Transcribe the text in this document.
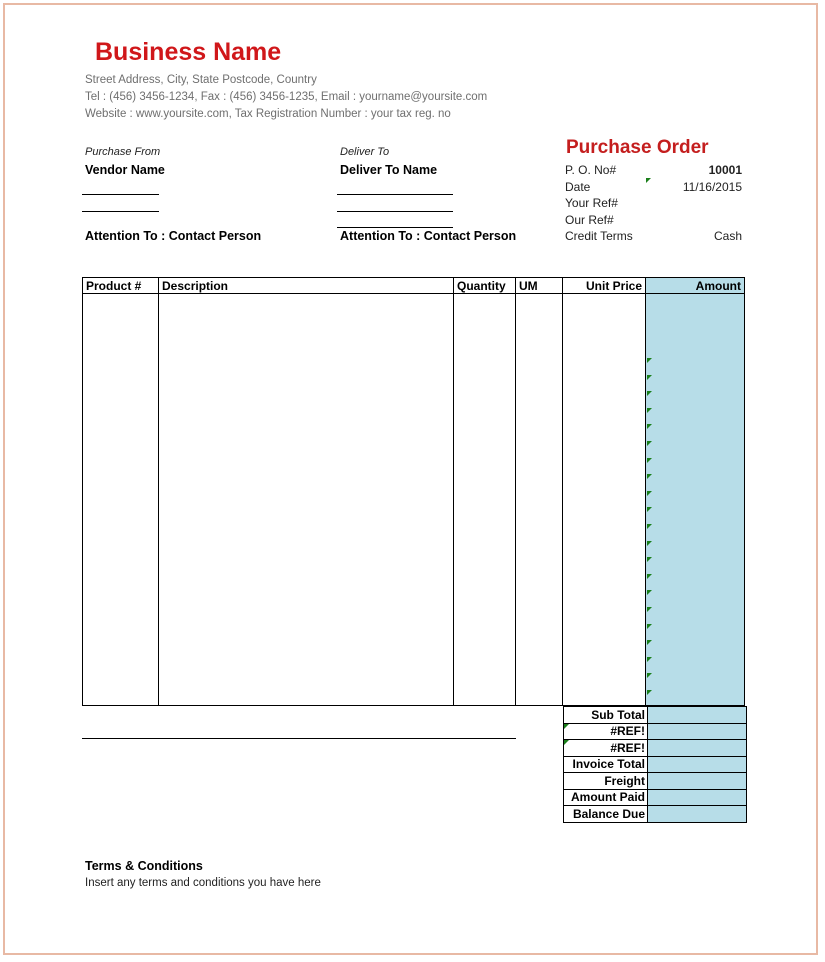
Business Name
Street Address, City, State Postcode, Country
Tel : (456) 3456-1234, Fax : (456) 3456-1235, Email : yourname@yoursite.com
Website : www.yoursite.com, Tax Registration Number : your tax reg. no
Purchase From
Vendor Name
Attention To : Contact Person
Deliver To
Deliver To Name
Attention To : Contact Person
Purchase Order
P. O. No#	10001
Date	11/16/2015
Your Ref#
Our Ref#
Credit Terms	Cash
Product #	Description	Quantity	UM	Unit Price	Amount

Sub Total	
#REF!	
#REF!	
Invoice Total	
Freight	
Amount Paid	
Balance Due	
Terms & Conditions
Insert any terms and conditions you have here
